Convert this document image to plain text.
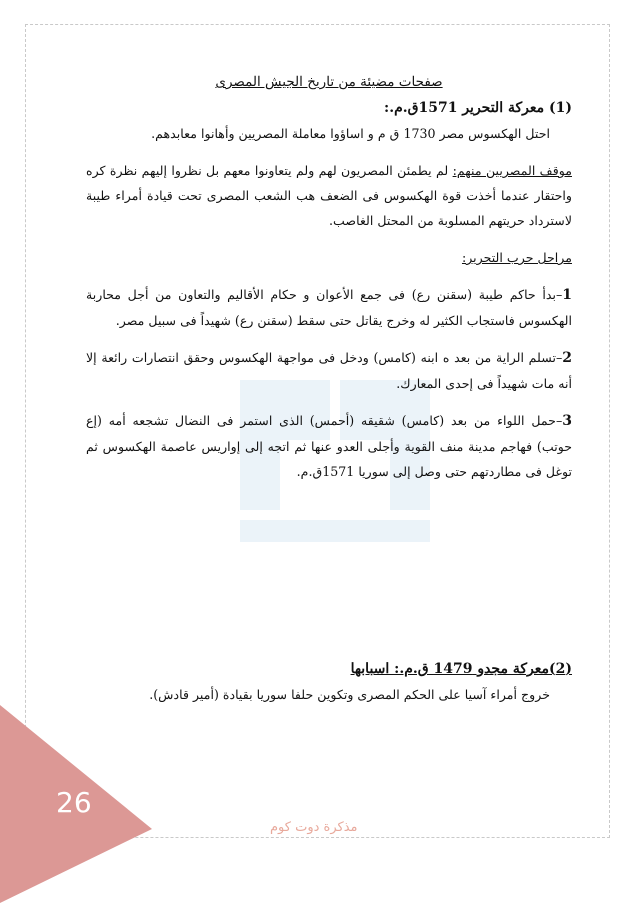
صفحات مضيئة من تاريخ الجيش المصرى

(1) معركة التحرير 1571ق.م.:

احتل الهكسوس مصر 1730 ق م و اساؤوا معاملة المصريين وأهانوا معابدهم.

موقف المصريين منهم: لم يطمئن المصريون لهم ولم يتعاونوا معهم بل نظروا إليهم نظرة كره واحتقار عندما أخذت قوة الهكسوس فى الضعف هب الشعب المصرى تحت قيادة أمراء طيبة لاسترداد حريتهم المسلوبة من المحتل الغاصب.

مراحل حرب التحرير:

1–بدأ حاكم طيبة (سقنن رع) فى جمع الأعوان و حكام الأقاليم والتعاون من أجل محاربة الهكسوس فاستجاب الكثير له وخرج يقاتل حتى سقط (سقنن رع) شهيداً فى سبيل مصر.

2–تسلم الراية من بعد ه ابنه (كامس) ودخل فى مواجهة الهكسوس وحقق انتصارات رائعة إلا أنه مات شهيداً فى إحدى المعارك.

3–حمل اللواء من بعد (كامس) شقيقه (أحمس) الذى استمر فى النضال تشجعه أمه (إع حوتب) فهاجم مدينة منف القوية وأجلى العدو عنها ثم اتجه إلى إواريس عاصمة الهكسوس ثم توغل فى مطاردتهم حتى وصل إلى سوريا 1571ق.م.

(2)معركة مجدو 1479 ق.م.: اسبابها

خروج أمراء آسيا على الحكم المصرى وتكوين حلفا سوريا بقيادة (أمير قادش).

26
مذكرة دوت كوم
